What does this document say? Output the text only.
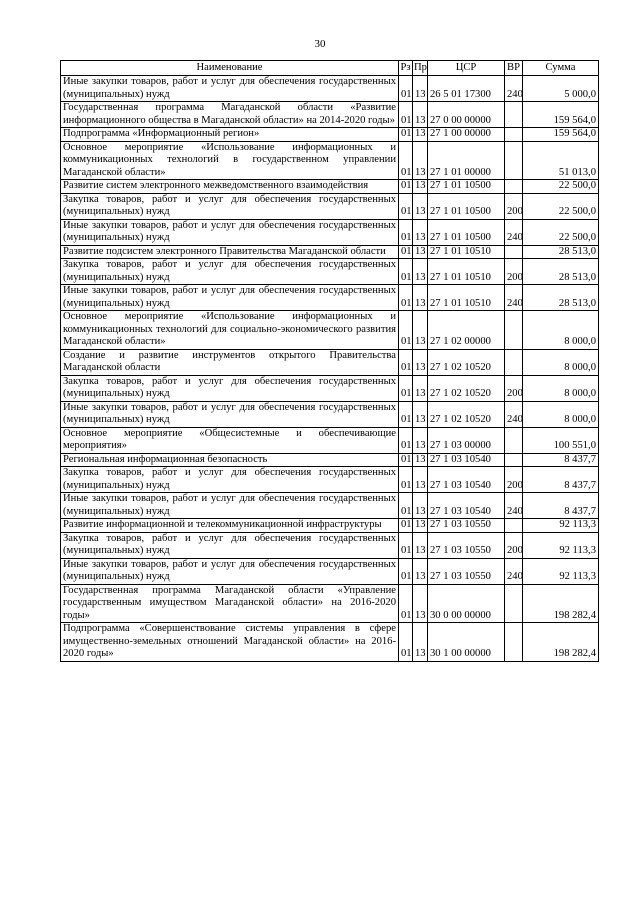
30
Наименование	Рз	Пр	ЦСР	ВР	Сумма
Иные закупки товаров, работ и услуг для обеспечения государственных (муниципальных) нужд	01	13	26 5 01 17300	240	5 000,0
Государственная программа Магаданской области «Развитие информационного общества в Магаданской области» на 2014-2020 годы»	01	13	27 0 00 00000		159 564,0
Подпрограмма «Информационный регион»	01	13	27 1 00 00000		159 564,0
Основное мероприятие «Использование информационных и коммуникационных технологий в государственном управлении Магаданской области»	01	13	27 1 01 00000		51 013,0
Развитие систем электронного межведомственного взаимодействия	01	13	27 1 01 10500		22 500,0
Закупка товаров, работ и услуг для обеспечения государственных (муниципальных) нужд	01	13	27 1 01 10500	200	22 500,0
Иные закупки товаров, работ и услуг для обеспечения государственных (муниципальных) нужд	01	13	27 1 01 10500	240	22 500,0
Развитие подсистем электронного Правительства Магаданской области	01	13	27 1 01 10510		28 513,0
Закупка товаров, работ и услуг для обеспечения государственных (муниципальных) нужд	01	13	27 1 01 10510	200	28 513,0
Иные закупки товаров, работ и услуг для обеспечения государственных (муниципальных) нужд	01	13	27 1 01 10510	240	28 513,0
Основное мероприятие «Использование информационных и коммуникационных технологий для социально-экономического развития Магаданской области»	01	13	27 1 02 00000		8 000,0
Создание и развитие инструментов открытого Правительства Магаданской области	01	13	27 1 02 10520		8 000,0
Закупка товаров, работ и услуг для обеспечения государственных (муниципальных) нужд	01	13	27 1 02 10520	200	8 000,0
Иные закупки товаров, работ и услуг для обеспечения государственных (муниципальных) нужд	01	13	27 1 02 10520	240	8 000,0
Основное мероприятие «Общесистемные и обеспечивающие мероприятия»	01	13	27 1 03 00000		100 551,0
Региональная информационная безопасность	01	13	27 1 03 10540		8 437,7
Закупка товаров, работ и услуг для обеспечения государственных (муниципальных) нужд	01	13	27 1 03 10540	200	8 437,7
Иные закупки товаров, работ и услуг для обеспечения государственных (муниципальных) нужд	01	13	27 1 03 10540	240	8 437,7
Развитие информационной и телекоммуникационной инфраструктуры	01	13	27 1 03 10550		92 113,3
Закупка товаров, работ и услуг для обеспечения государственных (муниципальных) нужд	01	13	27 1 03 10550	200	92 113,3
Иные закупки товаров, работ и услуг для обеспечения государственных (муниципальных) нужд	01	13	27 1 03 10550	240	92 113,3
Государственная программа Магаданской области «Управление государственным имуществом Магаданской области» на 2016-2020 годы»	01	13	30 0 00 00000		198 282,4
Подпрограмма «Совершенствование системы управления в сфере имущественно-земельных отношений Магаданской области» на 2016-2020 годы»	01	13	30 1 00 00000		198 282,4
